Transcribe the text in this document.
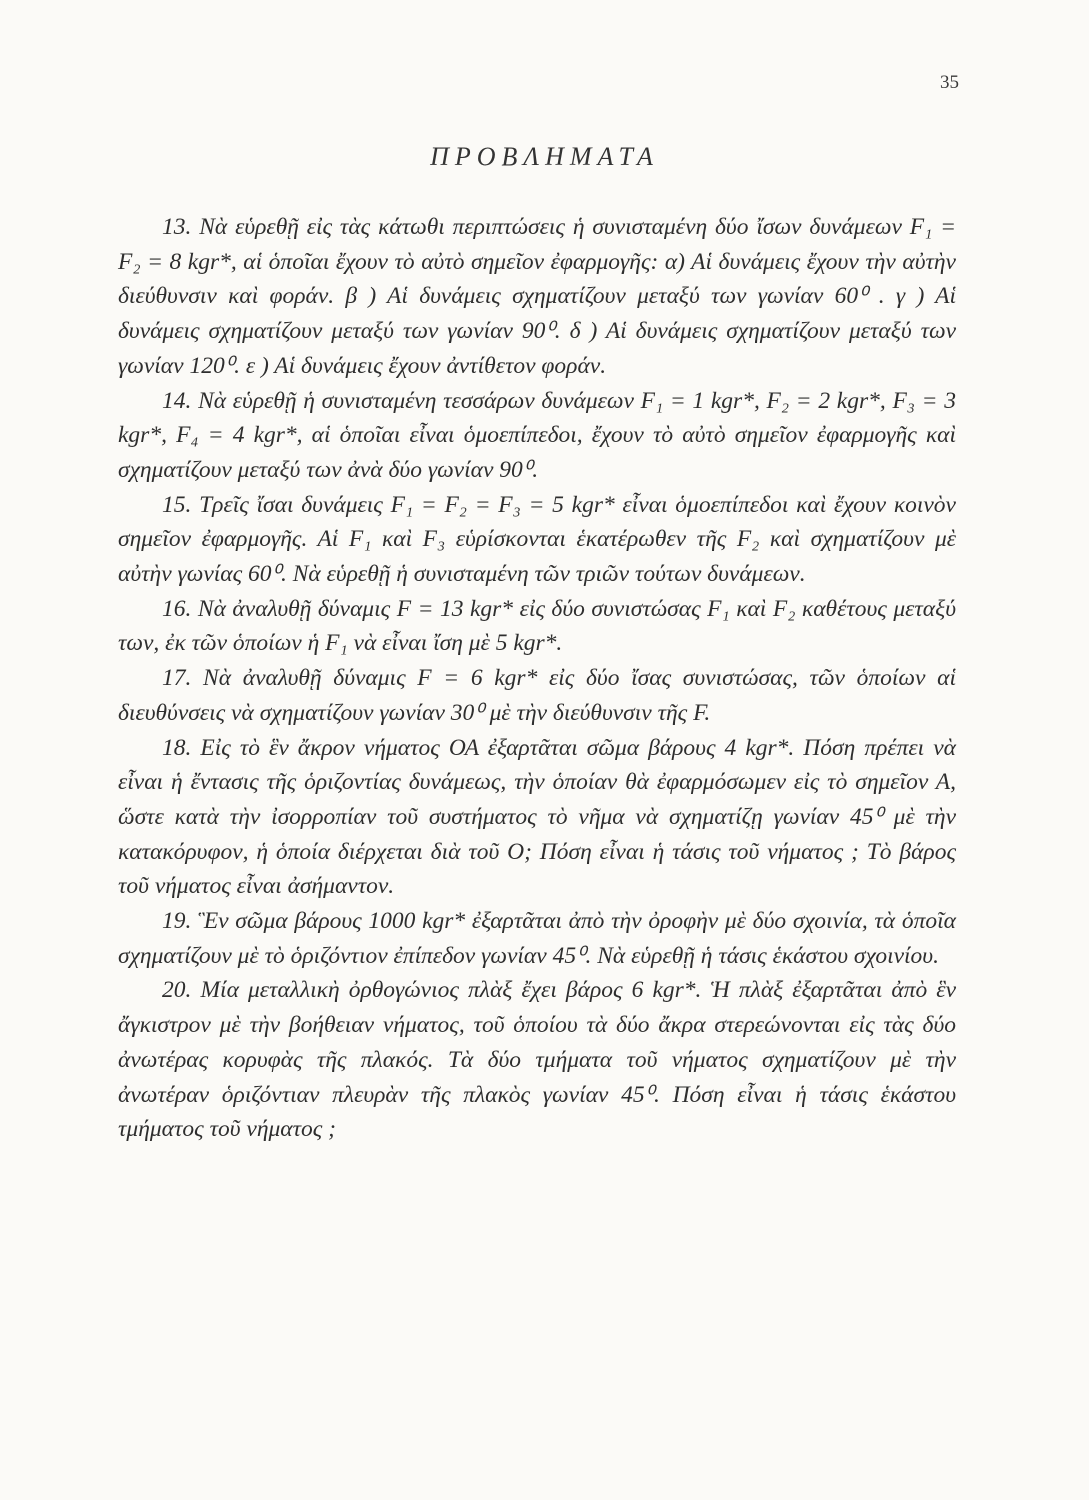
35
ΠΡΟΒΛΗΜΑΤΑ

13. Νὰ εὑρεθῇ εἰς τὰς κάτωθι περιπτώσεις ἡ συνισταμένη δύο ἴσων δυνάμεων F₁ = F₂ = 8 kgr*, αἱ ὁποῖαι ἔχουν τὸ αὐτὸ σημεῖον ἐφαρμογῆς: α) Αἱ δυνάμεις ἔχουν τὴν αὐτὴν διεύθυνσιν καὶ φοράν. β ) Αἱ δυνάμεις σχηματίζουν μεταξύ των γωνίαν 60⁰ . γ ) Αἱ δυνάμεις σχηματίζουν μεταξύ των γωνίαν 90⁰. δ ) Αἱ δυνάμεις σχηματίζουν μεταξύ των γωνίαν 120⁰. ε ) Αἱ δυνάμεις ἔχουν ἀντίθετον φοράν.

14. Νὰ εὑρεθῇ ἡ συνισταμένη τεσσάρων δυνάμεων F₁ = 1 kgr*, F₂ = 2 kgr*, F₃ = 3 kgr*, F₄ = 4 kgr*, αἱ ὁποῖαι εἶναι ὁμοεπίπεδοι, ἔχουν τὸ αὐτὸ σημεῖον ἐφαρμογῆς καὶ σχηματίζουν μεταξύ των ἀνὰ δύο γωνίαν 90⁰.

15. Τρεῖς ἴσαι δυνάμεις F₁ = F₂ = F₃ = 5 kgr* εἶναι ὁμοεπίπεδοι καὶ ἔχουν κοινὸν σημεῖον ἐφαρμογῆς. Αἱ F₁ καὶ F₃ εὑρίσκονται ἑκατέρωθεν τῆς F₂ καὶ σχηματίζουν μὲ αὐτὴν γωνίας 60⁰. Νὰ εὑρεθῇ ἡ συνισταμένη τῶν τριῶν τούτων δυνάμεων.

16. Νὰ ἀναλυθῇ δύναμις F = 13 kgr* εἰς δύο συνιστώσας F₁ καὶ F₂ καθέτους μεταξύ των, ἐκ τῶν ὁποίων ἡ F₁ νὰ εἶναι ἴση μὲ 5 kgr*.

17. Νὰ ἀναλυθῇ δύναμις F = 6 kgr* εἰς δύο ἴσας συνιστώσας, τῶν ὁποίων αἱ διευθύνσεις νὰ σχηματίζουν γωνίαν 30⁰ μὲ τὴν διεύθυνσιν τῆς F.

18. Εἰς τὸ ἓν ἄκρον νήματος ΟΑ ἐξαρτᾶται σῶμα βάρους 4 kgr*. Πόση πρέπει νὰ εἶναι ἡ ἔντασις τῆς ὁριζοντίας δυνάμεως, τὴν ὁποίαν θὰ ἐφαρμόσωμεν εἰς τὸ σημεῖον Α, ὥστε κατὰ τὴν ἰσορροπίαν τοῦ συστήματος τὸ νῆμα νὰ σχηματίζῃ γωνίαν 45⁰ μὲ τὴν κατακόρυφον, ἡ ὁποία διέρχεται διὰ τοῦ Ο; Πόση εἶναι ἡ τάσις τοῦ νήματος ; Τὸ βάρος τοῦ νήματος εἶναι ἀσήμαντον.

19. Ἓν σῶμα βάρους 1000 kgr* ἐξαρτᾶται ἀπὸ τὴν ὀροφὴν μὲ δύο σχοινία, τὰ ὁποῖα σχηματίζουν μὲ τὸ ὁριζόντιον ἐπίπεδον γωνίαν 45⁰. Νὰ εὑρεθῇ ἡ τάσις ἑκάστου σχοινίου.

20. Μία μεταλλικὴ ὀρθογώνιος πλὰξ ἔχει βάρος 6 kgr*. Ἡ πλὰξ ἐξαρτᾶται ἀπὸ ἓν ἄγκιστρον μὲ τὴν βοήθειαν νήματος, τοῦ ὁποίου τὰ δύο ἄκρα στερεώνονται εἰς τὰς δύο ἀνωτέρας κορυφὰς τῆς πλακός. Τὰ δύο τμήματα τοῦ νήματος σχηματίζουν μὲ τὴν ἀνωτέραν ὁριζόντιαν πλευρὰν τῆς πλακὸς γωνίαν 45⁰. Πόση εἶναι ἡ τάσις ἑκάστου τμήματος τοῦ νήματος ;
